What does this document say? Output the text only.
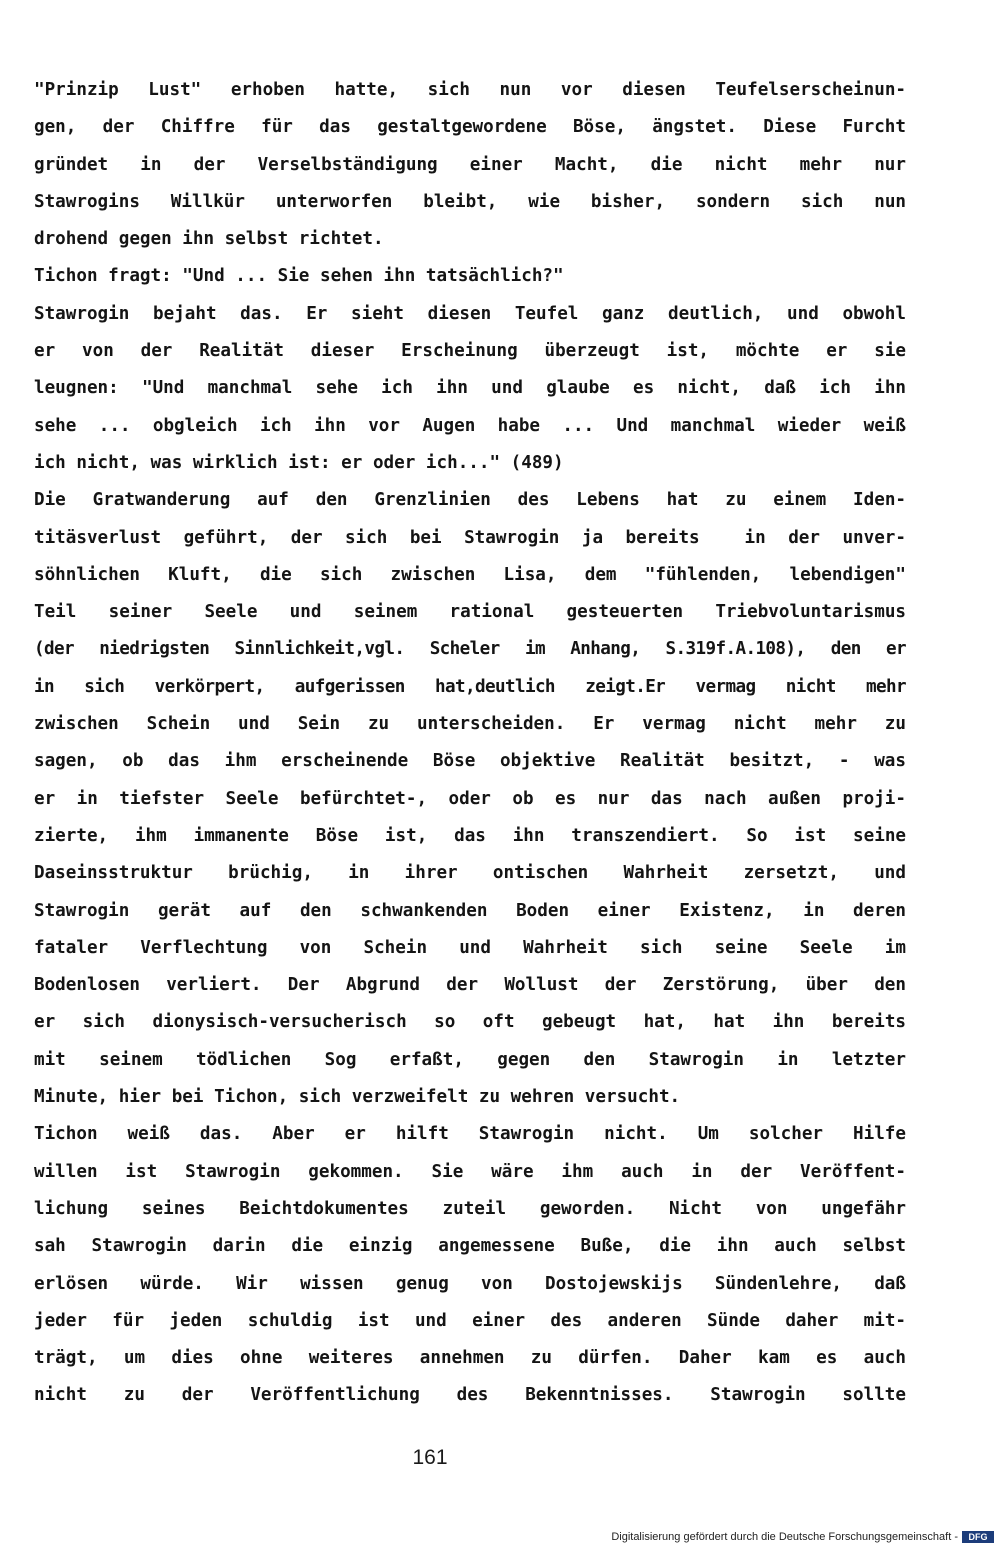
"Prinzip Lust" erhoben hatte, sich nun vor diesen Teufelserscheinun-
gen, der Chiffre für das gestaltgewordene Böse, ängstet. Diese Furcht
gründet in der Verselbständigung einer Macht, die nicht mehr nur
Stawrogins Willkür unterworfen bleibt, wie bisher, sondern sich nun
drohend gegen ihn selbst richtet.
Tichon fragt: "Und ... Sie sehen ihn tatsächlich?"
Stawrogin bejaht das. Er sieht diesen Teufel ganz deutlich, und obwohl
er von der Realität dieser Erscheinung überzeugt ist, möchte er sie
leugnen: "Und manchmal sehe ich ihn und glaube es nicht, daß ich ihn
sehe ... obgleich ich ihn vor Augen habe ... Und manchmal wieder weiß
ich nicht, was wirklich ist: er oder ich..." (489)
Die Gratwanderung auf den Grenzlinien des Lebens hat zu einem Iden-
titäsverlust geführt, der sich bei Stawrogin ja bereits  in der unver-
söhnlichen Kluft, die sich zwischen Lisa, dem "fühlenden, lebendigen"
Teil seiner Seele und seinem rational gesteuerten Triebvoluntarismus
(der niedrigsten Sinnlichkeit,vgl. Scheler im Anhang, S.319f.A.108), den er
in sich verkörpert, aufgerissen hat,deutlich zeigt.Er vermag nicht mehr
zwischen Schein und Sein zu unterscheiden. Er vermag nicht mehr zu
sagen, ob das ihm erscheinende Böse objektive Realität besitzt, - was
er in tiefster Seele befürchtet-, oder ob es nur das nach außen proji-
zierte, ihm immanente Böse ist, das ihn transzendiert. So ist seine
Daseinsstruktur brüchig, in ihrer ontischen Wahrheit zersetzt, und
Stawrogin gerät auf den schwankenden Boden einer Existenz, in deren
fataler Verflechtung von Schein und Wahrheit sich seine Seele im
Bodenlosen verliert. Der Abgrund der Wollust der Zerstörung, über den
er sich dionysisch-versucherisch so oft gebeugt hat, hat ihn bereits
mit seinem tödlichen Sog erfaßt, gegen den Stawrogin in letzter
Minute, hier bei Tichon, sich verzweifelt zu wehren versucht.
Tichon weiß das. Aber er hilft Stawrogin nicht. Um solcher Hilfe
willen ist Stawrogin gekommen. Sie wäre ihm auch in der Veröffent-
lichung seines Beichtdokumentes zuteil geworden. Nicht von ungefähr
sah Stawrogin darin die einzig angemessene Buße, die ihn auch selbst
erlösen würde. Wir wissen genug von Dostojewskijs Sündenlehre, daß
jeder für jeden schuldig ist und einer des anderen Sünde daher mit-
trägt, um dies ohne weiteres annehmen zu dürfen. Daher kam es auch
nicht zu der Veröffentlichung des Bekenntnisses. Stawrogin sollte
161
Digitalisierung gefördert durch die Deutsche Forschungsgemeinschaft -	DFG
